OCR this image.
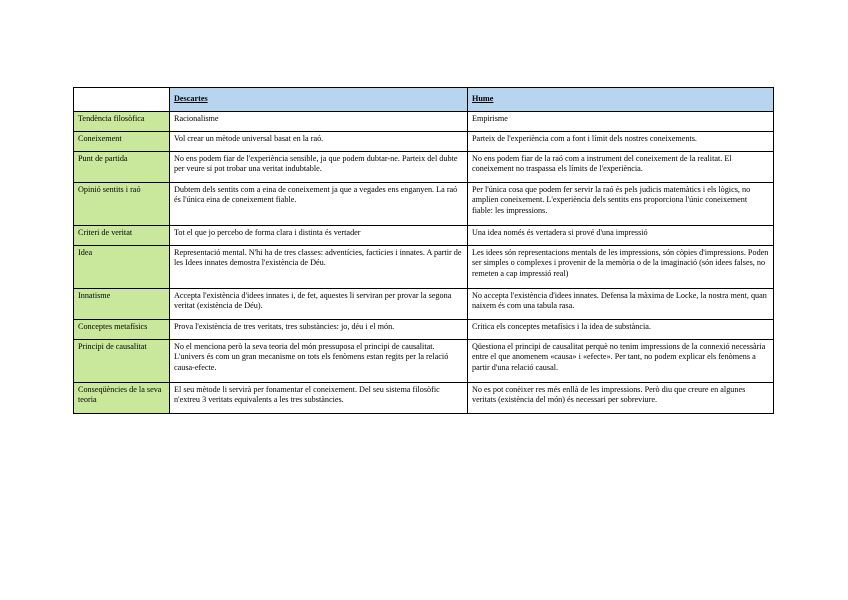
	Descartes	Hume
Tendència filosòfica	Racionalisme	Empirisme
Coneixement	Vol crear un mètode universal basat en la raó.	Parteix de l'experiència com a font i límit dels nostres coneixements.
Punt de partida	No ens podem fiar de l'experiència sensible, ja que podem dubtar-ne. Parteix del dubte per veure si pot trobar una veritat indubtable.	No ens podem fiar de la raó com a instrument del coneixement de la realitat. El coneixement no traspassa els límits de l'experiència.
Opinió sentits i raó	Dubtem dels sentits com a eina de coneixement ja que a vegades ens enganyen. La raó és l'única eina de coneixement fiable.	Per l'única cosa que podem fer servir la raó és pels judicis matemàtics i els lògics, no amplien coneixement. L'experiència dels sentits ens proporciona l'únic coneixement fiable: les impressions.
Criteri de veritat	Tot el que jo percebo de forma clara i distinta és vertader	Una idea només és vertadera si prové d'una impressió
Idea	Representació mental. N'hi ha de tres classes: adventícies, factícies i innates. A partir de les Idees innates demostra l'existència de Déu.	Les idees són representacions mentals de les impressions, són còpies d'impressions. Poden ser simples o complexes i provenir de la memòria o de la imaginació (són idees falses, no remeten a cap impressió real)
Innatisme	Accepta l'existència d'idees innates i, de fet, aquestes li serviran per provar la segona veritat (existència de Déu).	No accepta l'existència d'idees innates. Defensa la màxima de Locke, la nostra ment, quan naixem és com una tabula rasa.
Conceptes metafísics	Prova l'existència de tres veritats, tres substàncies: jo, déu i el món.	Critica els conceptes metafísics i la idea de substància.
Principi de causalitat	No el menciona però la seva teoria del món pressuposa el principi de causalitat. L'univers és com un gran mecanisme on tots els fenòmens estan regits per la relació causa-efecte.	Qüestiona el principi de causalitat perquè no tenim impressions de la connexió necessària entre el que anomenem «causa» i «efecte». Per tant, no podem explicar els fenòmens a partir d'una relació causal.
Conseqüències de la seva teoria	El seu mètode li servirà per fonamentar el coneixement. Del seu sistema filosòfic n'extreu 3 veritats equivalents a les tres substàncies.	No es pot conèixer res més enllà de les impressions. Però diu que creure en algunes veritats (existència del món) és necessari per sobreviure.
